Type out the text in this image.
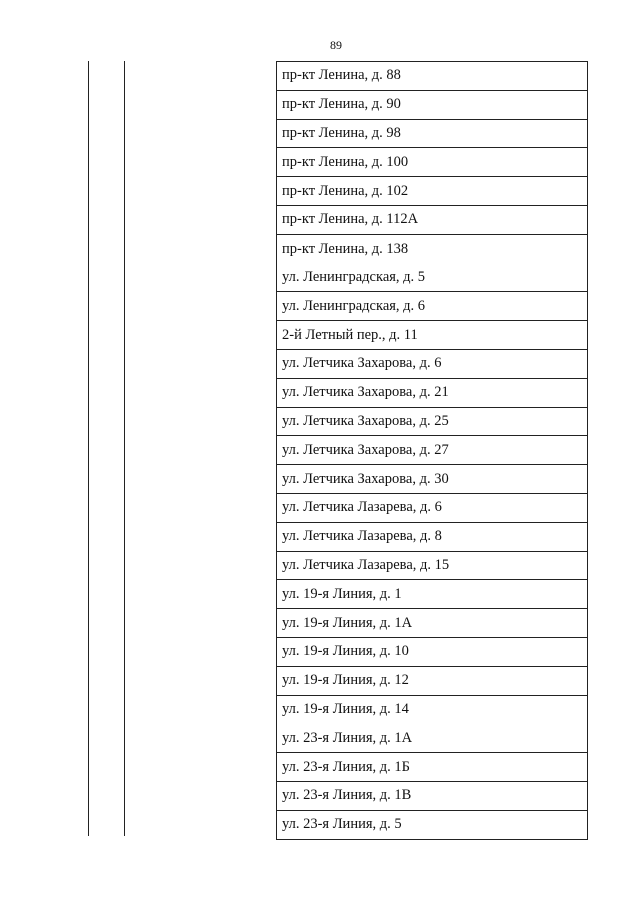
89
пр-кт Ленина, д. 88
пр-кт Ленина, д. 90
пр-кт Ленина, д. 98
пр-кт Ленина, д. 100
пр-кт Ленина, д. 102
пр-кт Ленина, д. 112А
пр-кт Ленина, д. 138
ул. Ленинградская, д. 5
ул. Ленинградская, д. 6
2-й Летный пер., д. 11
ул. Летчика Захарова, д. 6
ул. Летчика Захарова, д. 21
ул. Летчика Захарова, д. 25
ул. Летчика Захарова, д. 27
ул. Летчика Захарова, д. 30
ул. Летчика Лазарева, д. 6
ул. Летчика Лазарева, д. 8
ул. Летчика Лазарева, д. 15
ул. 19-я Линия, д. 1
ул. 19-я Линия, д. 1А
ул. 19-я Линия, д. 10
ул. 19-я Линия, д. 12
ул. 19-я Линия, д. 14
ул. 23-я Линия, д. 1А
ул. 23-я Линия, д. 1Б
ул. 23-я Линия, д. 1В
ул. 23-я Линия, д. 5
